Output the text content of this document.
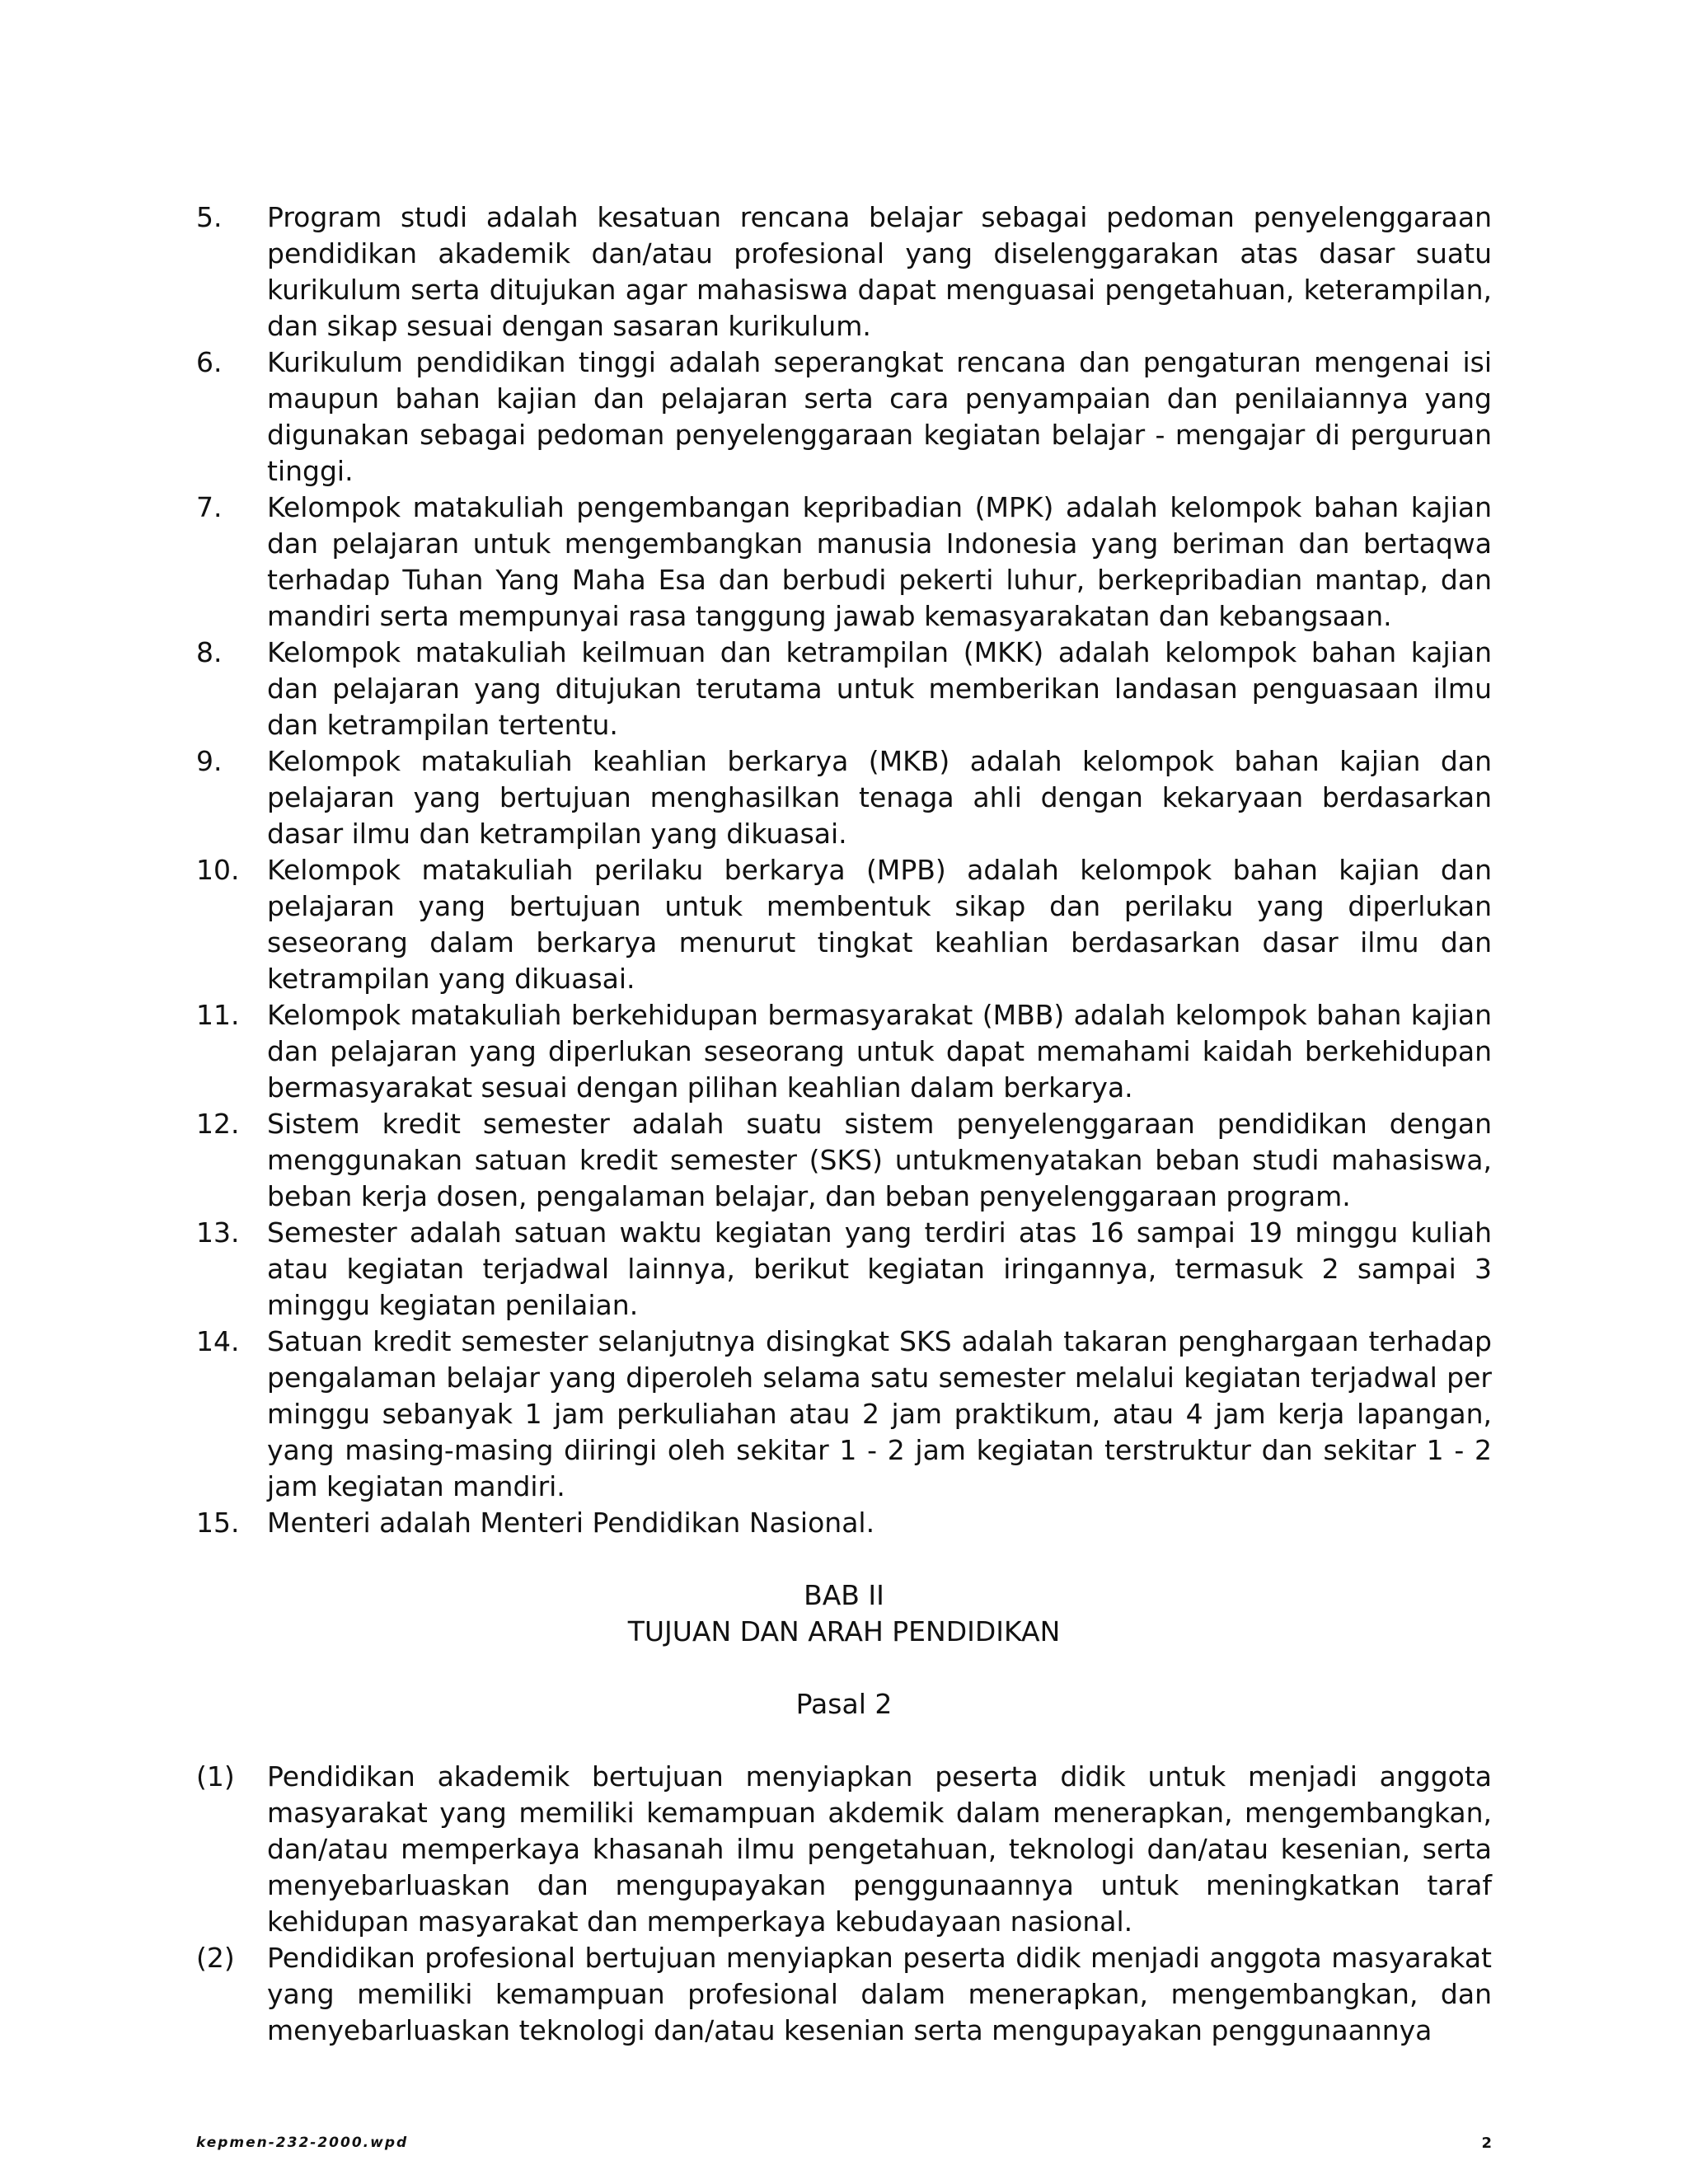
5.	Program studi adalah kesatuan rencana belajar sebagai pedoman penyelenggaraan pendidikan akademik dan/atau profesional yang diselenggarakan atas dasar suatu kurikulum serta ditujukan agar mahasiswa dapat menguasai pengetahuan, keterampilan, dan sikap sesuai dengan sasaran kurikulum.
6.	Kurikulum pendidikan tinggi adalah seperangkat rencana dan pengaturan mengenai isi maupun bahan kajian dan pelajaran serta cara penyampaian dan penilaiannya yang digunakan sebagai pedoman penyelenggaraan kegiatan belajar - mengajar di perguruan tinggi.
7.	Kelompok matakuliah pengembangan kepribadian (MPK) adalah kelompok bahan kajian dan pelajaran untuk mengembangkan manusia Indonesia yang beriman dan bertaqwa terhadap Tuhan Yang Maha Esa dan berbudi pekerti luhur, berkepribadian mantap, dan mandiri serta mempunyai rasa tanggung jawab kemasyarakatan dan kebangsaan.
8.	Kelompok matakuliah keilmuan dan ketrampilan (MKK) adalah kelompok bahan kajian dan pelajaran yang ditujukan terutama untuk memberikan landasan penguasaan ilmu dan ketrampilan tertentu.
9.	Kelompok matakuliah keahlian berkarya (MKB) adalah kelompok bahan kajian dan pelajaran yang bertujuan menghasilkan tenaga ahli dengan kekaryaan berdasarkan dasar ilmu dan ketrampilan yang dikuasai.
10.	Kelompok matakuliah perilaku berkarya (MPB) adalah kelompok bahan kajian dan pelajaran yang bertujuan untuk membentuk sikap dan perilaku yang diperlukan seseorang dalam berkarya menurut tingkat keahlian berdasarkan dasar ilmu dan ketrampilan yang dikuasai.
11.	Kelompok matakuliah berkehidupan bermasyarakat (MBB) adalah kelompok bahan kajian dan pelajaran yang diperlukan seseorang untuk dapat memahami kaidah berkehidupan bermasyarakat sesuai dengan pilihan keahlian dalam berkarya.
12.	Sistem kredit semester adalah suatu sistem penyelenggaraan pendidikan dengan menggunakan satuan kredit semester (SKS) untukmenyatakan beban studi mahasiswa, beban kerja dosen, pengalaman belajar, dan beban penyelenggaraan program.
13.	Semester adalah satuan waktu kegiatan yang terdiri atas 16 sampai 19 minggu kuliah atau kegiatan terjadwal lainnya, berikut kegiatan iringannya, termasuk 2 sampai 3 minggu kegiatan penilaian.
14.	Satuan kredit semester selanjutnya disingkat SKS adalah takaran penghargaan terhadap pengalaman belajar yang diperoleh selama satu semester melalui kegiatan terjadwal per minggu sebanyak 1 jam perkuliahan atau 2 jam praktikum, atau 4 jam kerja lapangan, yang masing-masing diiringi oleh sekitar 1 - 2 jam kegiatan terstruktur dan sekitar 1 - 2 jam kegiatan mandiri.
15.	Menteri adalah Menteri Pendidikan Nasional.
BAB II
TUJUAN DAN ARAH PENDIDIKAN
Pasal 2
(1)	Pendidikan akademik bertujuan menyiapkan peserta didik untuk menjadi anggota masyarakat yang memiliki kemampuan akdemik dalam menerapkan, mengembangkan, dan/atau memperkaya khasanah ilmu pengetahuan, teknologi dan/atau kesenian, serta menyebarluaskan dan mengupayakan penggunaannya untuk meningkatkan taraf kehidupan masyarakat dan memperkaya kebudayaan nasional.
(2)	Pendidikan profesional bertujuan menyiapkan peserta didik menjadi anggota masyarakat yang memiliki kemampuan profesional dalam menerapkan, mengembangkan, dan menyebarluaskan teknologi dan/atau kesenian serta mengupayakan penggunaannya
kepmen-232-2000.wpd	2
